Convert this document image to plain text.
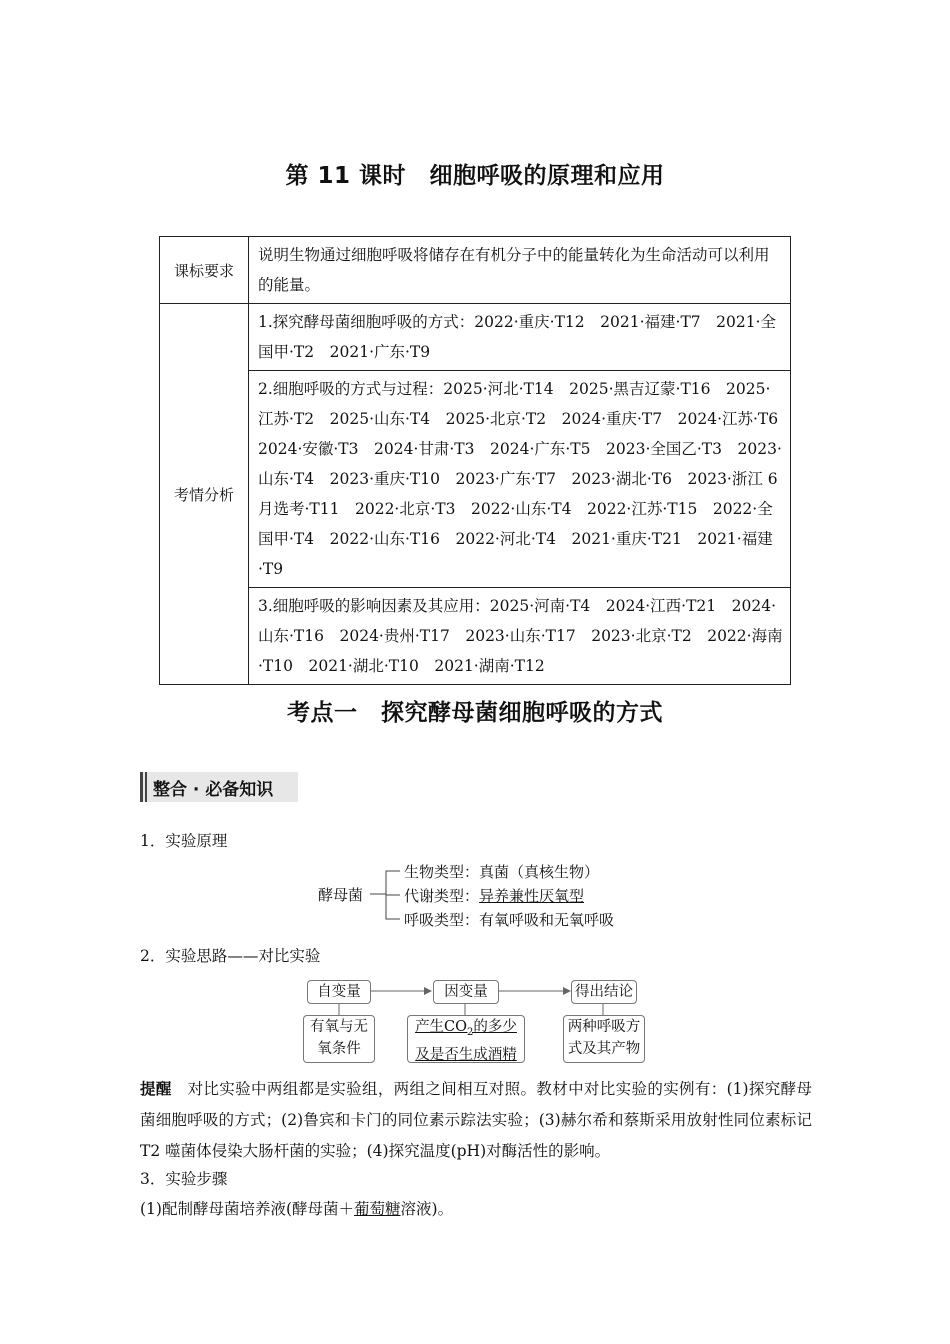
第 11 课时　细胞呼吸的原理和应用
课标要求	说明生物通过细胞呼吸将储存在有机分子中的能量转化为生命活动可以利用的能量。
考情分析	1.探究酵母菌细胞呼吸的方式：2022·重庆·T12　2021·福建·T7　2021·全国甲·T2　2021·广东·T9
	2.细胞呼吸的方式与过程：2025·河北·T14　2025·黑吉辽蒙·T16　2025·江苏·T2　2025·山东·T4　2025·北京·T2　2024·重庆·T7　2024·江苏·T6　2024·安徽·T3　2024·甘肃·T3　2024·广东·T5　2023·全国乙·T3　2023·山东·T4　2023·重庆·T10　2023·广东·T7　2023·湖北·T6　2023·浙江 6 月选考·T11　2022·北京·T3　2022·山东·T4　2022·江苏·T15　2022·全国甲·T4　2022·山东·T16　2022·河北·T4　2021·重庆·T21　2021·福建·T9
	3.细胞呼吸的影响因素及其应用：2025·河南·T4　2024·江西·T21　2024·山东·T16　2024·贵州·T17　2023·山东·T17　2023·北京·T2　2022·海南·T10　2021·湖北·T10　2021·湖南·T12
考点一　探究酵母菌细胞呼吸的方式
整合 · 必备知识
1．实验原理
酵母菌
生物类型：真菌（真核生物）
代谢类型：异养兼性厌氧型
呼吸类型：有氧呼吸和无氧呼吸
2．实验思路——对比实验
自变量	因变量	得出结论
有氧与无
氧条件
产生$CO_2$的多少
及是否生成酒精
两种呼吸方
式及其产物
提醒　 对比实验中两组都是实验组，两组之间相互对照。教材中对比实验的实例有：(1)探究酵母菌细胞呼吸的方式；(2)鲁宾和卡门的同位素示踪法实验；(3)赫尔希和蔡斯采用放射性同位素标记 T2 噬菌体侵染大肠杆菌的实验；(4)探究温度(pH)对酶活性的影响。
3．实验步骤
(1)配制酵母菌培养液(酵母菌＋葡萄糖溶液)。
